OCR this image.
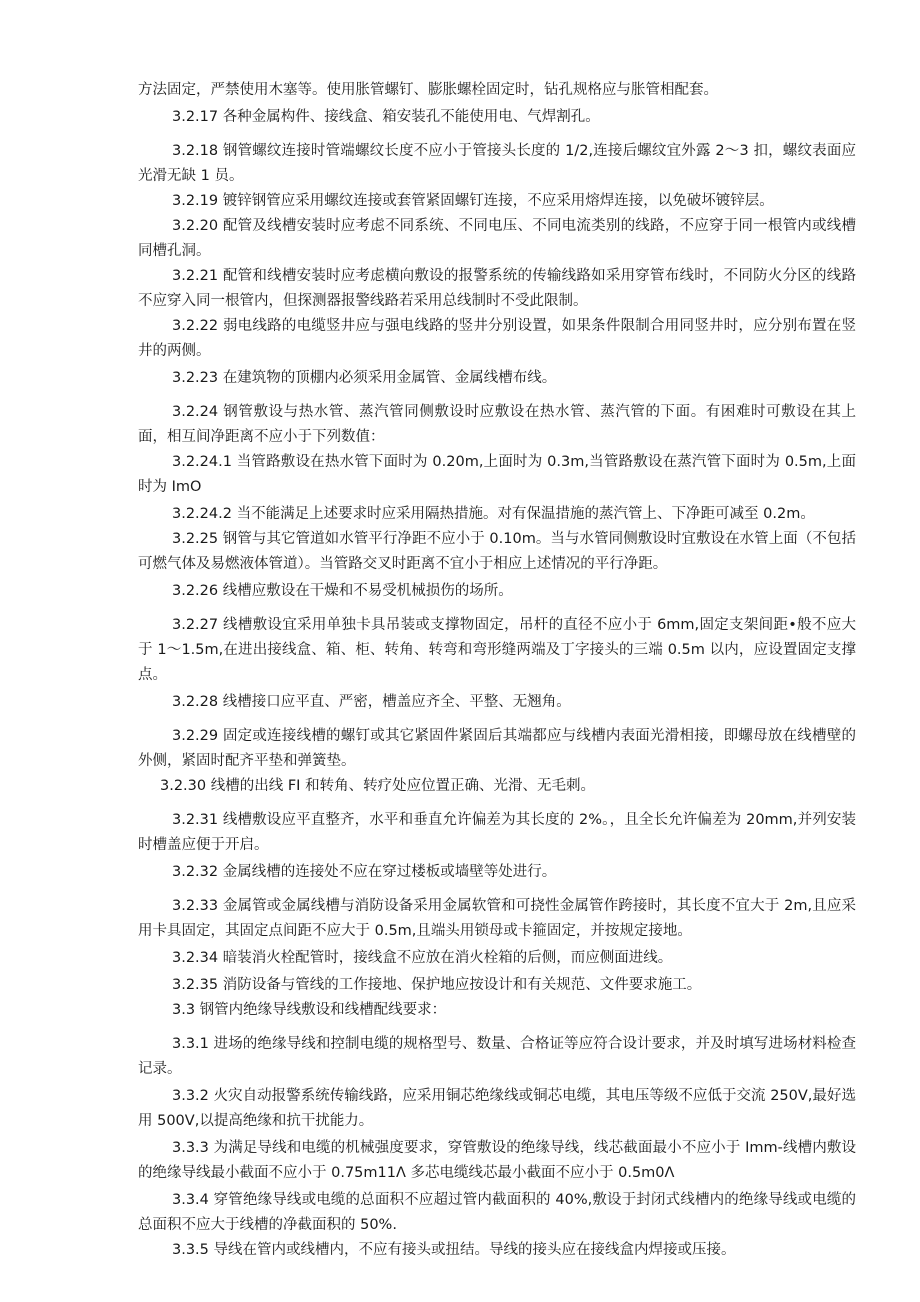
方法固定，严禁使用木塞等。使用胀管螺钉、膨胀螺栓固定时，钻孔规格应与胀管相配套。

3.2.17 各种金属构件、接线盒、箱安装孔不能使用电、气焊割孔。

3.2.18 钢管螺纹连接时管端螺纹长度不应小于管接头长度的 1/2,连接后螺纹宜外露 2～3 扣，螺纹表面应光滑无缺 1 员。

3.2.19 镀锌钢管应采用螺纹连接或套管紧固螺钉连接，不应采用熔焊连接，以免破坏镀锌层。

3.2.20 配管及线槽安装时应考虑不同系统、不同电压、不同电流类别的线路，不应穿于同一根管内或线槽同槽孔洞。

3.2.21 配管和线槽安装时应考虑横向敷设的报警系统的传输线路如采用穿管布线时，不同防火分区的线路不应穿入同一根管内，但探测器报警线路若采用总线制时不受此限制。

3.2.22 弱电线路的电缆竖井应与强电线路的竖井分别设置，如果条件限制合用同竖井时，应分别布置在竖井的两侧。

3.2.23 在建筑物的顶棚内必须采用金属管、金属线槽布线。

3.2.24 钢管敷设与热水管、蒸汽管同侧敷设时应敷设在热水管、蒸汽管的下面。有困难时可敷设在其上面，相互间净距离不应小于下列数值：

3.2.24.1 当管路敷设在热水管下面时为 0.20m,上面时为 0.3m,当管路敷设在蒸汽管下面时为 0.5m,上面时为 ImO

3.2.24.2 当不能满足上述要求时应采用隔热措施。对有保温措施的蒸汽管上、下净距可减至 0.2m。

3.2.25 钢管与其它管道如水管平行净距不应小于 0.10m。当与水管同侧敷设时宜敷设在水管上面（不包括可燃气体及易燃液体管道）。当管路交叉时距离不宜小于相应上述情况的平行净距。

3.2.26 线槽应敷设在干燥和不易受机械损伤的场所。

3.2.27 线槽敷设宜采用单独卡具吊装或支撑物固定，吊杆的直径不应小于 6mm,固定支架间距•般不应大于 1～1.5m,在进出接线盒、箱、柜、转角、转弯和弯形缝两端及丁字接头的三端 0.5m 以内，应设置固定支撑点。

3.2.28 线槽接口应平直、严密，槽盖应齐全、平整、无翘角。

3.2.29 固定或连接线槽的螺钉或其它紧固件紧固后其端都应与线槽内表面光滑相接，即螺母放在线槽壁的外侧，紧固时配齐平垫和弹簧垫。

3.2.30 线槽的出线 FI 和转角、转疗处应位置正确、光滑、无毛刺。

3.2.31 线槽敷设应平直整齐，水平和垂直允许偏差为其长度的 2%。，且全长允许偏差为 20mm,并列安装时槽盖应便于开启。

3.2.32 金属线槽的连接处不应在穿过楼板或墙壁等处进行。

3.2.33 金属管或金属线槽与消防设备采用金属软管和可挠性金属管作跨接时，其长度不宜大于 2m,且应采用卡具固定，其固定点间距不应大于 0.5m,且端头用锁母或卡箍固定，并按规定接地。

3.2.34 暗装消火栓配管时，接线盒不应放在消火栓箱的后侧，而应侧面进线。

3.2.35 消防设备与管线的工作接地、保护地应按设计和有关规范、文件要求施工。

3.3 钢管内绝缘导线敷设和线槽配线要求：

3.3.1 进场的绝缘导线和控制电缆的规格型号、数量、合格证等应符合设计要求，并及时填写进场材料检查记录。

3.3.2 火灾自动报警系统传输线路，应采用铜芯绝缘线或铜芯电缆，其电压等级不应低于交流 250V,最好选用 500V,以提高绝缘和抗干扰能力。

3.3.3 为满足导线和电缆的机械强度要求，穿管敷设的绝缘导线，线芯截面最小不应小于 Imm-线槽内敷设的绝缘导线最小截面不应小于 0.75m11Λ 多芯电缆线芯最小截面不应小于 0.5m0Λ

3.3.4 穿管绝缘导线或电缆的总面积不应超过管内截面积的 40%,敷设于封闭式线槽内的绝缘导线或电缆的总面积不应大于线槽的净截面积的 50%.

3.3.5 导线在管内或线槽内，不应有接头或扭结。导线的接头应在接线盒内焊接或压接。
